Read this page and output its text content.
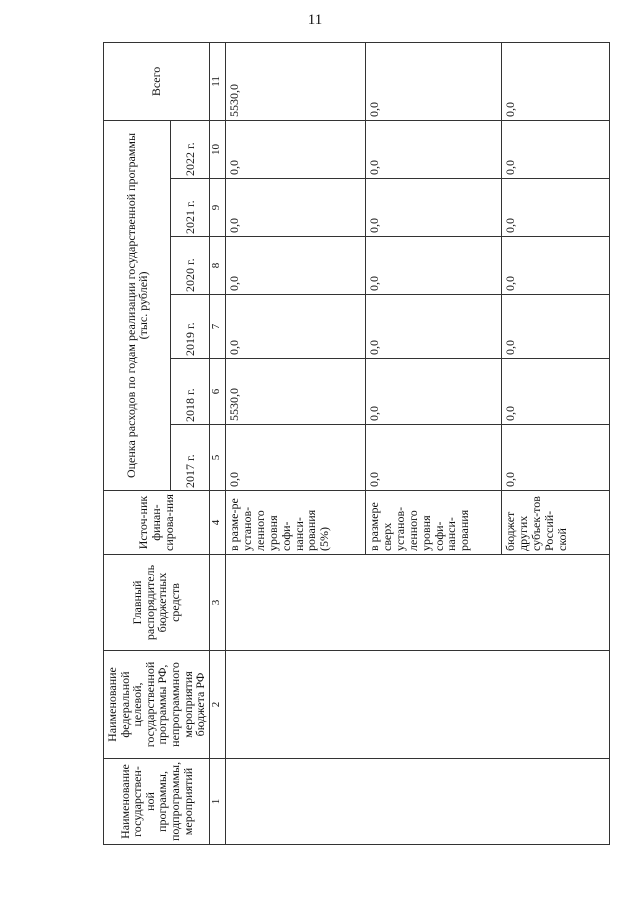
11
Наименование государствен-ной программы, подпрограммы, мероприятий	Наименование федеральной целевой, государственной программы РФ, непрограммного мероприятия бюджета РФ	Главный распорядитель бюджетных средств	Источ-ник финан-сирова-ния	Оценка расходов по годам реализации государственной программы (тыс. рублей)						Всего
				2017 г.	2018 г.	2019 г.	2020 г.	2021 г.	2022 г.	
1	2	3	4	5	6	7	8	9	10	11
			в разме-ре установ-ленного уровня софи-нанси-рования (5%)	0,0	5530,0	0,0	0,0	0,0	0,0	5530,0
			в размере сверх установ-ленного уровня софи-нанси-рования	0,0	0,0	0,0	0,0	0,0	0,0	0,0
			бюджет других субъек-тов Россий-ской	0,0	0,0	0,0	0,0	0,0	0,0	0,0
